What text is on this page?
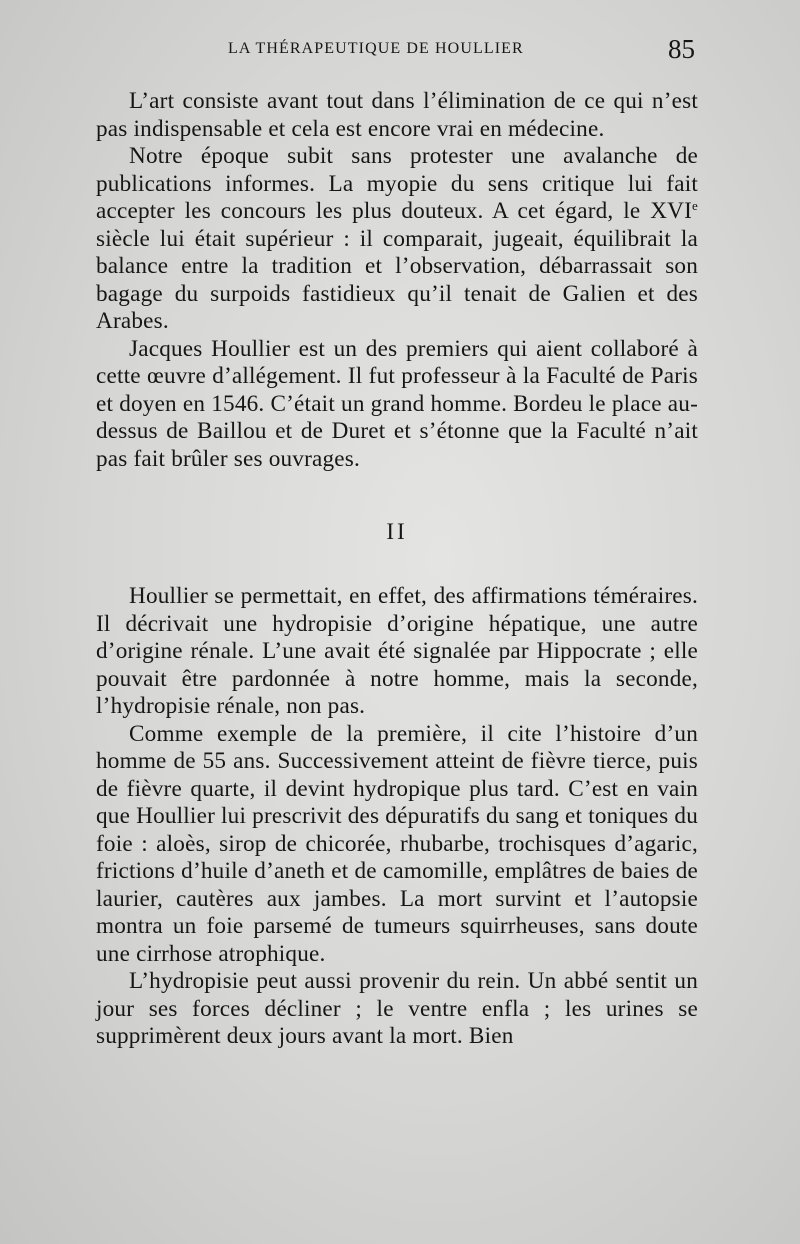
LA THÉRAPEUTIQUE DE HOULLIER	85

L’art consiste avant tout dans l’élimination de ce qui n’est pas indispensable et cela est encore vrai en médecine.

Notre époque subit sans protester une avalanche de publications informes. La myopie du sens critique lui fait accepter les concours les plus douteux. A cet égard, le XVIe siècle lui était supérieur : il comparait, jugeait, équilibrait la balance entre la tradition et l’observation, débarrassait son bagage du surpoids fastidieux qu’il tenait de Galien et des Arabes.

Jacques Houllier est un des premiers qui aient collaboré à cette œuvre d’allégement. Il fut professeur à la Faculté de Paris et doyen en 1546. C’était un grand homme. Bordeu le place au-dessus de Baillou et de Duret et s’étonne que la Faculté n’ait pas fait brûler ses ouvrages.

II

Houllier se permettait, en effet, des affirmations téméraires. Il décrivait une hydropisie d’origine hépatique, une autre d’origine rénale. L’une avait été signalée par Hippocrate ; elle pouvait être pardonnée à notre homme, mais la seconde, l’hydropisie rénale, non pas.

Comme exemple de la première, il cite l’histoire d’un homme de 55 ans. Successivement atteint de fièvre tierce, puis de fièvre quarte, il devint hydropique plus tard. C’est en vain que Houllier lui prescrivit des dépuratifs du sang et toniques du foie : aloès, sirop de chicorée, rhubarbe, trochisques d’agaric, frictions d’huile d’aneth et de camomille, emplâtres de baies de laurier, cautères aux jambes. La mort survint et l’autopsie montra un foie parsemé de tumeurs squirrheuses, sans doute une cirrhose atrophique.

L’hydropisie peut aussi provenir du rein. Un abbé sentit un jour ses forces décliner ; le ventre enfla ; les urines se supprimèrent deux jours avant la mort. Bien
